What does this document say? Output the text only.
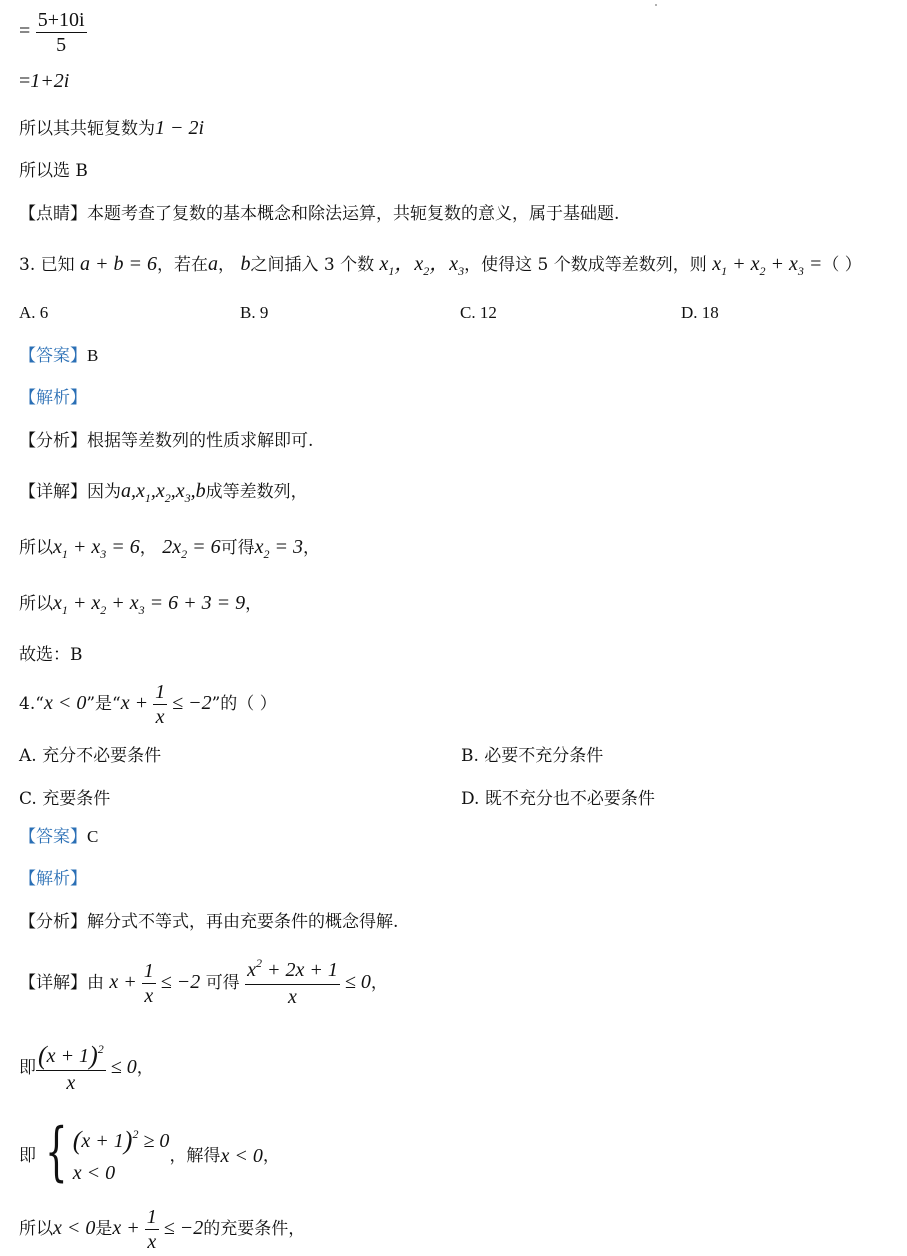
= $\frac{5+10i}{5}$
=1+2i
所以其共轭复数为1 − 2i
所以选 B
【点睛】本题考查了复数的基本概念和除法运算，共轭复数的意义，属于基础题.
3. 已知 a + b = 6，若在a， b之间插入 3 个数 $x_1$，$x_2$，$x_3$，使得这 5 个数成等差数列，则 $x_1 + x_2 + x_3$ =（ ）
A. 6	B. 9	C. 12	D. 18
【答案】B
【解析】
【分析】根据等差数列的性质求解即可.
【详解】因为$a,x_1,x_2,x_3,b$成等差数列，
所以$x_1 + x_3 = 6$， $2x_2 = 6$可得$x_2 = 3$，
所以$x_1 + x_2 + x_3 = 6 + 3 = 9$，
故选：B
4.“x < 0”是“$x + \frac{1}{x} \le -2$”的（ ）
A. 充分不必要条件	B. 必要不充分条件
C. 充要条件	D. 既不充分也不必要条件
【答案】C
【解析】
【分析】解分式不等式，再由充要条件的概念得解.
【详解】由 $x + \frac{1}{x} \le -2$ 可得 $\frac{x^2 + 2x + 1}{x} \le 0$，
即 $\frac{(x + 1)^2}{x} \le 0$，
即 { $(x + 1)^2 \ge 0$
x < 0
，解得x < 0，
所以x < 0是$x + \frac{1}{x} \le -2$的充要条件，
